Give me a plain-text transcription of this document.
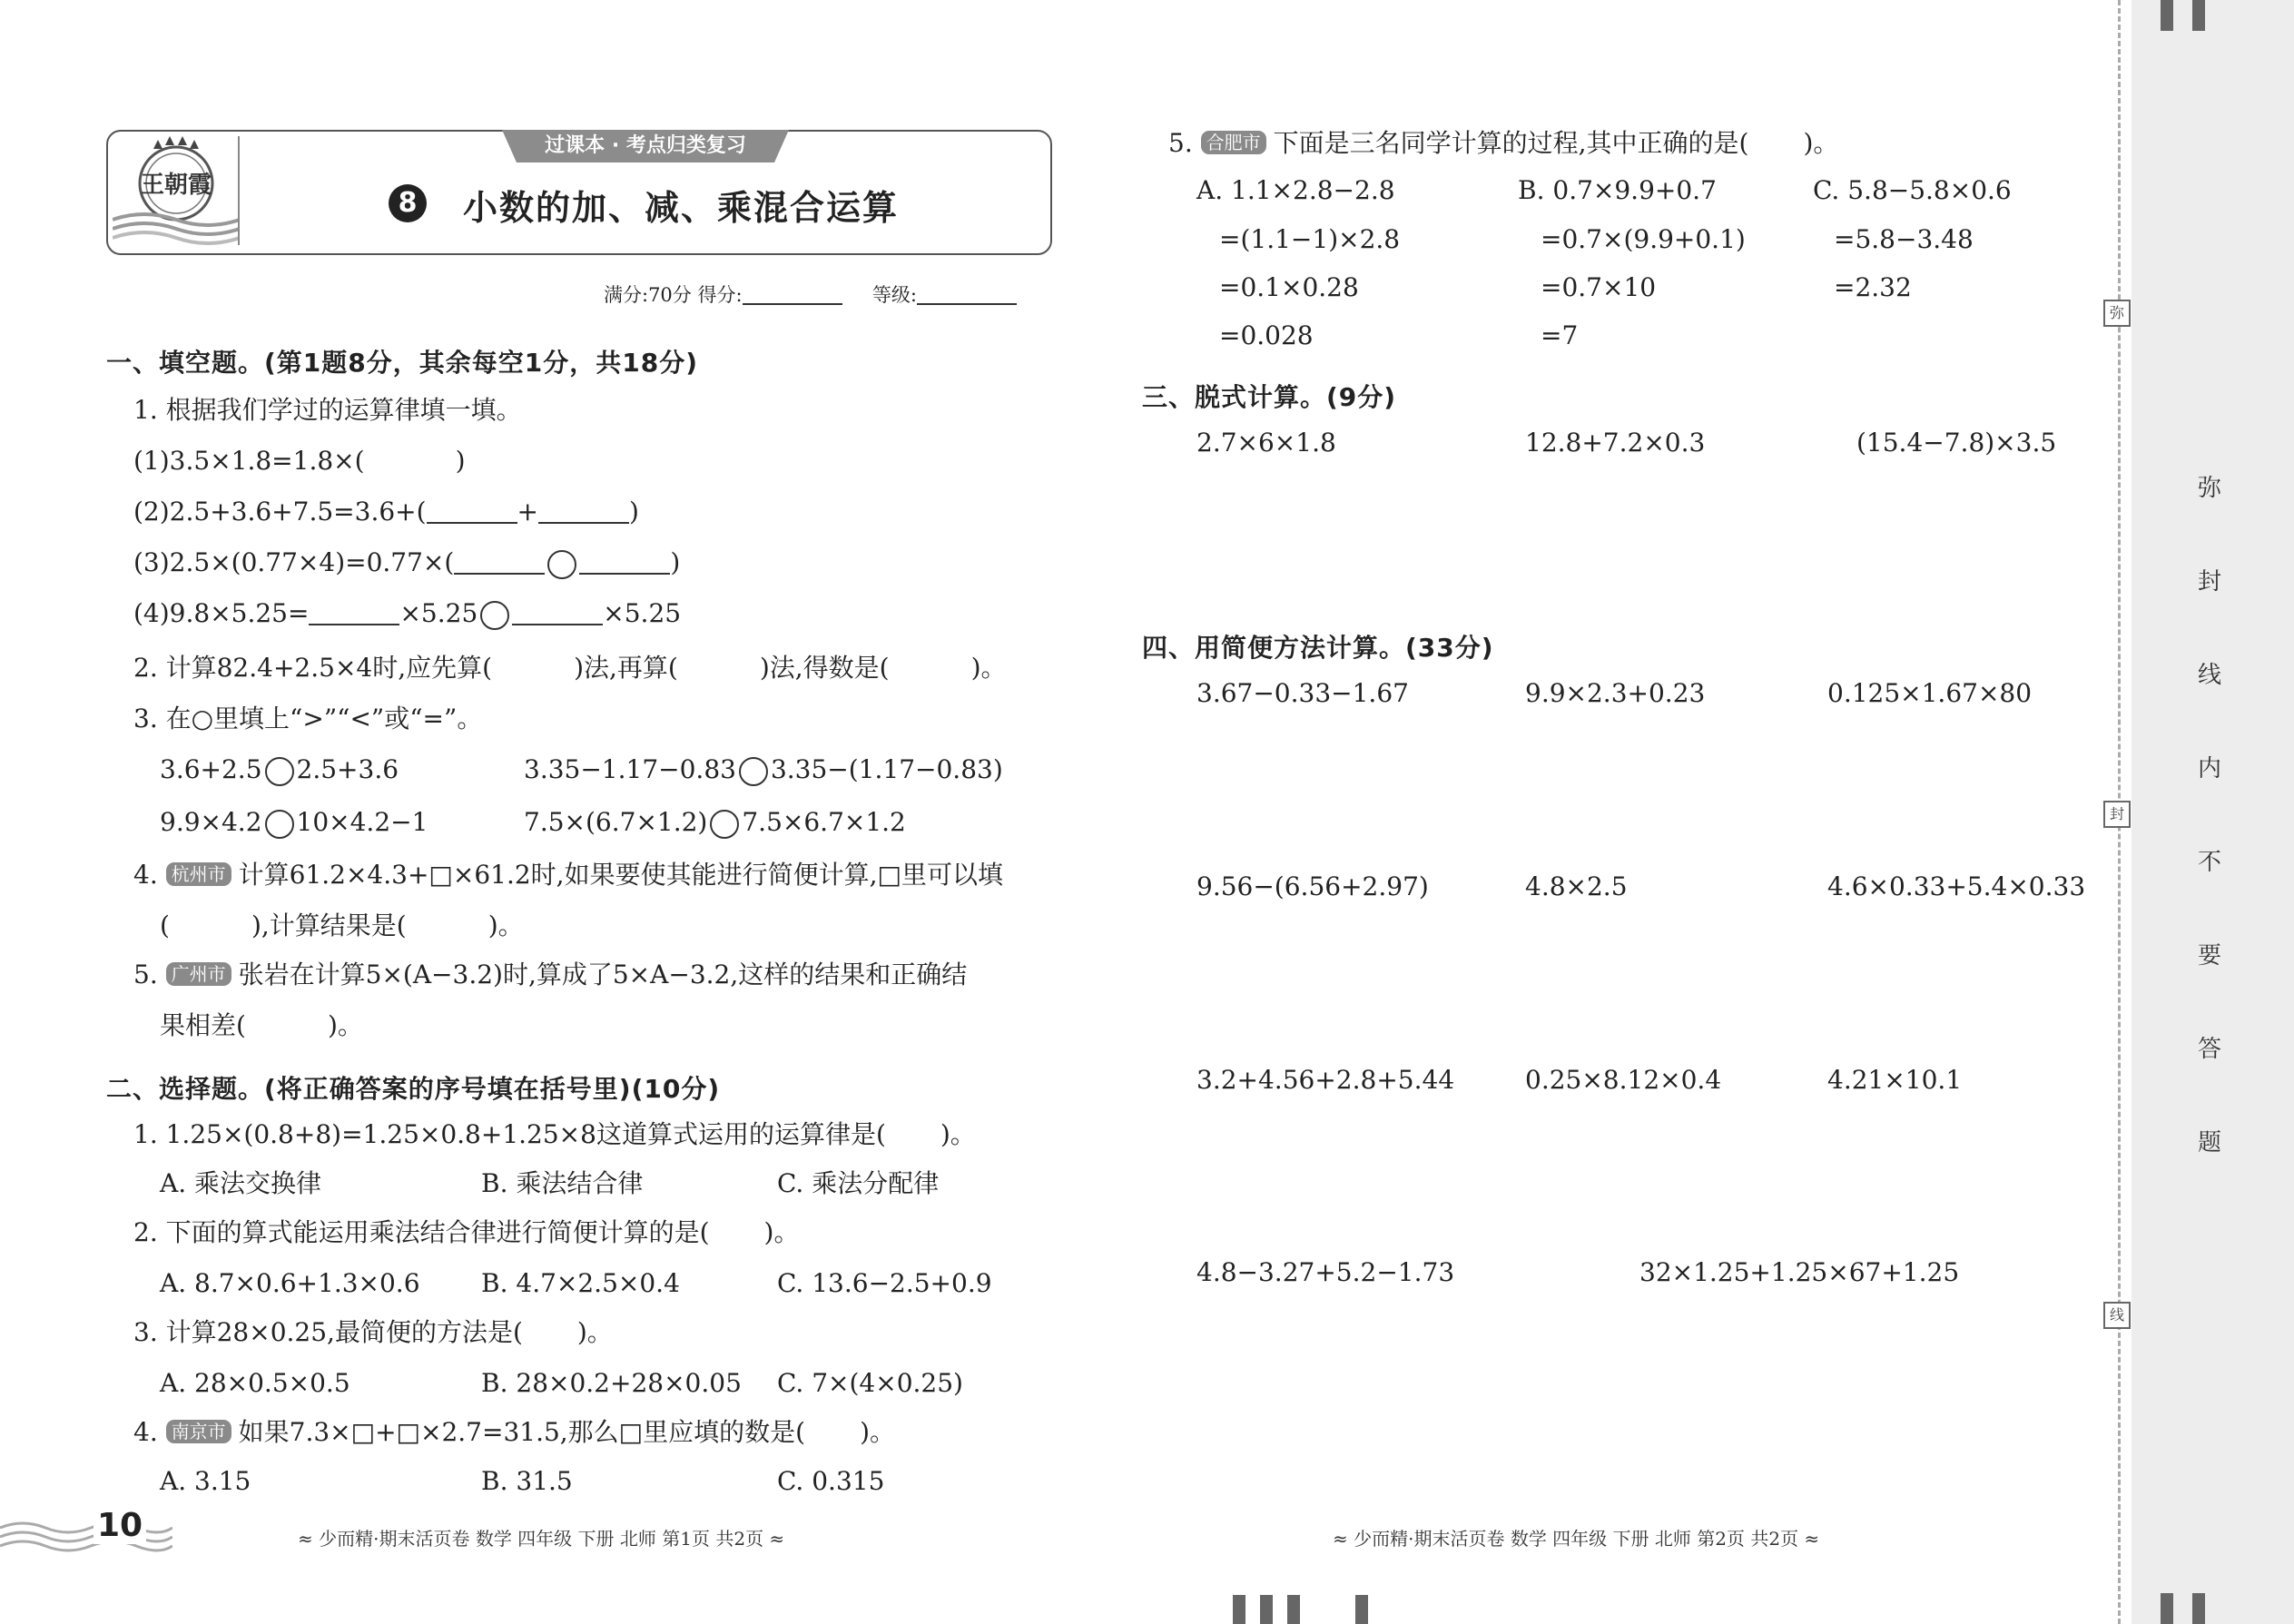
王朝霞
过课本 · 考点归类复习
8 小数的加、减、乘混合运算
满分:70分 得分:	等级:
一、填空题。(第1题8分，其余每空1分，共18分)
1. 根据我们学过的运算律填一填。
(1)3.5×1.8=1.8×(	)
(2)2.5+3.6+7.5=3.6+(	+	)
(3)2.5×(0.77×4)=0.77×(	)
(4)9.8×5.25=	×5.25	×5.25
2. 计算82.4+2.5×4时,应先算(	)法,再算(	)法,得数是(	)。
3. 在○里填上“>”“<”或“=”。
3.6+2.5 2.5+3.6	3.35−1.17−0.83 3.35−(1.17−0.83)
9.9×4.2 10×4.2−1	7.5×(6.7×1.2) 7.5×6.7×1.2
4. 杭州市 计算61.2×4.3+□×61.2时,如果要使其能进行简便计算,□里可以填
(	),计算结果是(	)。
5. 广州市 张岩在计算5×(A−3.2)时,算成了5×A−3.2,这样的结果和正确结
果相差(	)。
二、选择题。(将正确答案的序号填在括号里)(10分)
1. 1.25×(0.8+8)=1.25×0.8+1.25×8这道算式运用的运算律是( )。
A. 乘法交换律	B. 乘法结合律	C. 乘法分配律
2. 下面的算式能运用乘法结合律进行简便计算的是( )。
A. 8.7×0.6+1.3×0.6 B. 4.7×2.5×0.4	C. 13.6−2.5+0.9
3. 计算28×0.25,最简便的方法是( )。
A. 28×0.5×0.5	B. 28×0.2+28×0.05 C. 7×(4×0.25)
4. 南京市 如果7.3×□+□×2.7=31.5,那么□里应填的数是( )。
A. 3.15	B. 31.5	C. 0.315
5. 合肥市 下面是三名同学计算的过程,其中正确的是( )。
A. 1.1×2.8−2.8
=(1.1−1)×2.8
=0.1×0.28
=0.028
B. 0.7×9.9+0.7
=0.7×(9.9+0.1)
=0.7×10
=7
C. 5.8−5.8×0.6
=5.8−3.48
=2.32
三、脱式计算。(9分)
2.7×6×1.8	12.8+7.2×0.3	(15.4−7.8)×3.5
四、用简便方法计算。(33分)
3.67−0.33−1.67	9.9×2.3+0.23	0.125×1.67×80
9.56−(6.56+2.97)	4.8×2.5	4.6×0.33+5.4×0.33
3.2+4.56+2.8+5.44	0.25×8.12×0.4	4.21×10.1
4.8−3.27+5.2−1.73	32×1.25+1.25×67+1.25
10	≈ 少而精·期末活页卷 数学 四年级 下册 北师 第1页 共2页 ≈	≈ 少而精·期末活页卷 数学 四年级 下册 北师 第2页 共2页 ≈
弥
封
线
弥
封
线
内
不
要
答
题
